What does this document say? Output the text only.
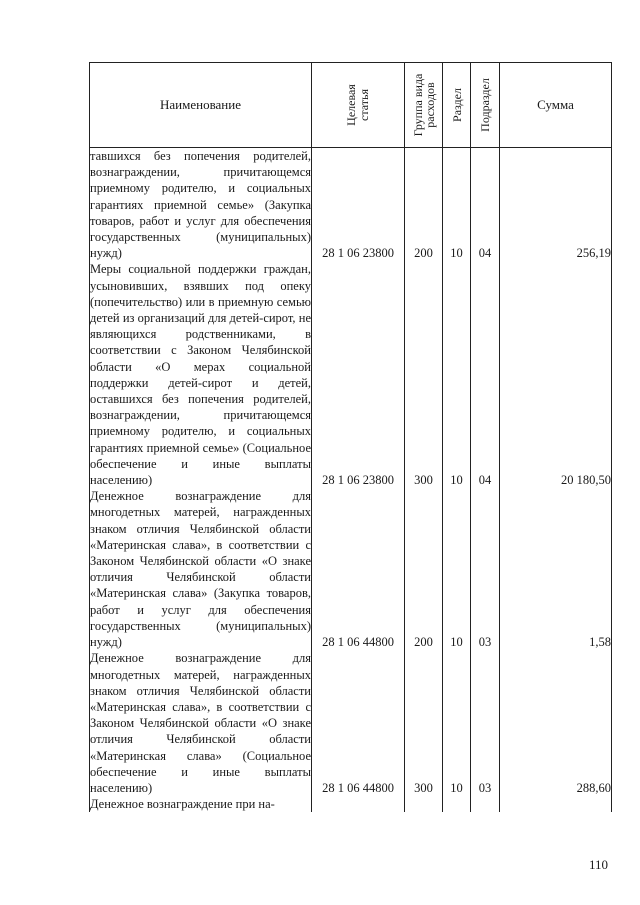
Наименование	Целевая статья	Группа вида расходов	Раздел	Подраздел	Сумма
тавшихся без попечения родителей, вознаграждении, причитающемся приемному родителю, и социальных гарантиях приемной семье» (Закупка товаров, работ и услуг для обеспечения государственных (муниципальных) нужд)	28 1 06 23800	200	10	04	256,19
Меры социальной поддержки граждан, усыновивших, взявших под опеку (попечительство) или в приемную семью детей из организаций для детей-сирот, не являющихся родственниками, в соответствии с Законом Челябинской области «О мерах социальной поддержки детей-сирот и детей, оставшихся без попечения родителей, вознаграждении, причитающемся приемному родителю, и социальных гарантиях приемной семье» (Социальное обеспечение и иные выплаты населению)	28 1 06 23800	300	10	04	20 180,50
Денежное вознаграждение для многодетных матерей, награжденных знаком отличия Челябинской области «Материнская слава», в соответствии с Законом Челябинской области «О знаке отличия Челябинской области «Материнская слава» (Закупка товаров, работ и услуг для обеспечения государственных (муниципальных) нужд)	28 1 06 44800	200	10	03	1,58
Денежное вознаграждение для многодетных матерей, награжденных знаком отличия Челябинской области «Материнская слава», в соответствии с Законом Челябинской области «О знаке отличия Челябинской области «Материнская слава» (Социальное обеспечение и иные выплаты населению)	28 1 06 44800	300	10	03	288,60
Денежное вознаграждение при на-					
110
